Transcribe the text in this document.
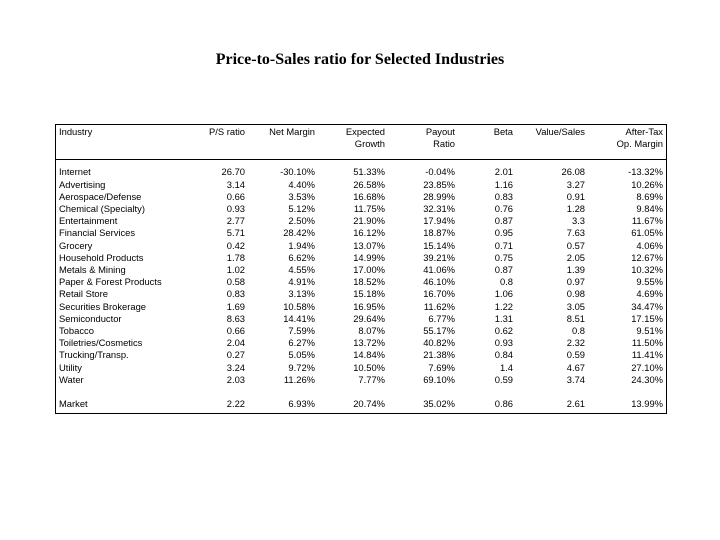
Price-to-Sales ratio for Selected Industries
Industry	P/S ratio	Net Margin	Expected	Payout	Beta	Value/Sales	After-Tax
			Growth	Ratio			Op. Margin
Internet	26.70	-30.10%	51.33%	-0.04%	2.01	26.08	-13.32%
Advertising	3.14	4.40%	26.58%	23.85%	1.16	3.27	10.26%
Aerospace/Defense	0.66	3.53%	16.68%	28.99%	0.83	0.91	8.69%
Chemical (Specialty)	0.93	5.12%	11.75%	32.31%	0.76	1.28	9.84%
Entertainment	2.77	2.50%	21.90%	17.94%	0.87	3.3	11.67%
Financial Services	5.71	28.42%	16.12%	18.87%	0.95	7.63	61.05%
Grocery	0.42	1.94%	13.07%	15.14%	0.71	0.57	4.06%
Household Products	1.78	6.62%	14.99%	39.21%	0.75	2.05	12.67%
Metals & Mining	1.02	4.55%	17.00%	41.06%	0.87	1.39	10.32%
Paper & Forest Products	0.58	4.91%	18.52%	46.10%	0.8	0.97	9.55%
Retail Store	0.83	3.13%	15.18%	16.70%	1.06	0.98	4.69%
Securities Brokerage	1.69	10.58%	16.95%	11.62%	1.22	3.05	34.47%
Semiconductor	8.63	14.41%	29.64%	6.77%	1.31	8.51	17.15%
Tobacco	0.66	7.59%	8.07%	55.17%	0.62	0.8	9.51%
Toiletries/Cosmetics	2.04	6.27%	13.72%	40.82%	0.93	2.32	11.50%
Trucking/Transp.	0.27	5.05%	14.84%	21.38%	0.84	0.59	11.41%
Utility	3.24	9.72%	10.50%	7.69%	1.4	4.67	27.10%
Water	2.03	11.26%	7.77%	69.10%	0.59	3.74	24.30%

Market	2.22	6.93%	20.74%	35.02%	0.86	2.61	13.99%
